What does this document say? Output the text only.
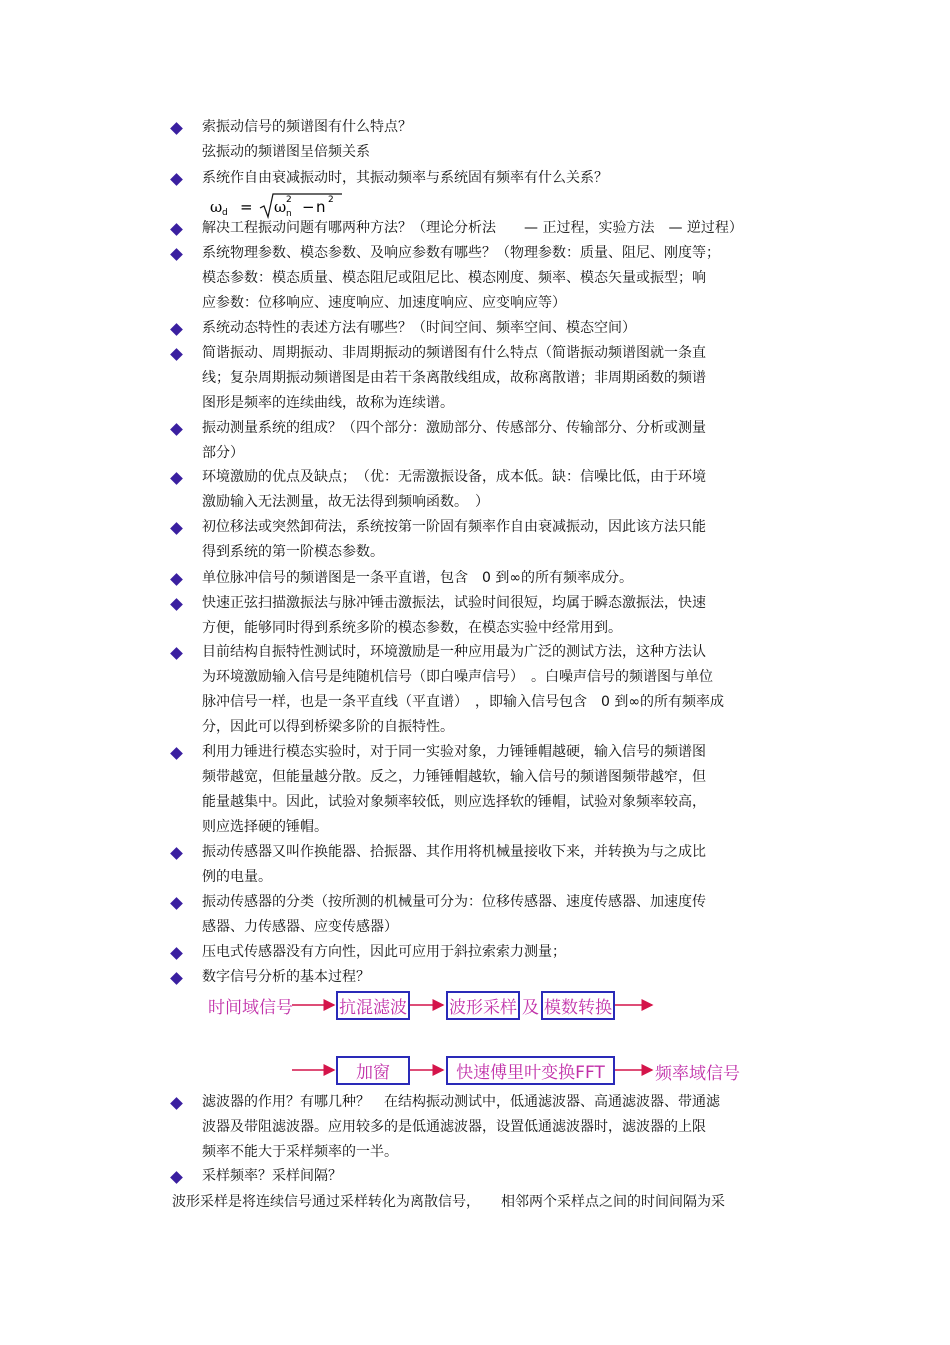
索振动信号的频谱图有什么特点？
弦振动的频谱图呈倍频关系
系统作自由衰减振动时，其振动频率与系统固有频率有什么关系？
ω d = ω n
2 − n 2
解决工程振动问题有哪两种方法？（理论分析法　　— 正过程，实验方法　— 逆过程）
系统物理参数、模态参数、及响应参数有哪些？（物理参数：质量、阻尼、刚度等；
模态参数：模态质量、模态阻尼或阻尼比、模态刚度、频率、模态矢量或振型；响
应参数：位移响应、速度响应、加速度响应、应变响应等）
系统动态特性的表述方法有哪些？（时间空间、频率空间、模态空间）
简谐振动、周期振动、非周期振动的频谱图有什么特点（简谐振动频谱图就一条直
线；复杂周期振动频谱图是由若干条离散线组成，故称离散谱；非周期函数的频谱
图形是频率的连续曲线，故称为连续谱。
振动测量系统的组成？（四个部分：激励部分、传感部分、传输部分、分析或测量
部分）
环境激励的优点及缺点；　（优：无需激振设备，成本低。缺：信噪比低，由于环境
激励输入无法测量，故无法得到频响函数。　）
初位移法或突然卸荷法，系统按第一阶固有频率作自由衰减振动，因此该方法只能
得到系统的第一阶模态参数。
单位脉冲信号的频谱图是一条平直谱，包含　0 到∞的所有频率成分。
快速正弦扫描激振法与脉冲锤击激振法，试验时间很短，均属于瞬态激振法，快速
方便，能够同时得到系统多阶的模态参数，在模态实验中经常用到。
目前结构自振特性测试时，环境激励是一种应用最为广泛的测试方法，这种方法认
为环境激励输入信号是纯随机信号（即白噪声信号）　。白噪声信号的频谱图与单位
脉冲信号一样，也是一条平直线（平直谱）　，即输入信号包含　0 到∞的所有频率成
分，因此可以得到桥梁多阶的自振特性。
利用力锤进行模态实验时，对于同一实验对象，力锤锤帽越硬，输入信号的频谱图
频带越宽，但能量越分散。反之，力锤锤帽越软，输入信号的频谱图频带越窄，但
能量越集中。因此，试验对象频率较低，则应选择软的锤帽，试验对象频率较高，
则应选择硬的锤帽。
振动传感器又叫作换能器、拾振器、其作用将机械量接收下来，并转换为与之成比
例的电量。
振动传感器的分类（按所测的机械量可分为：位移传感器、速度传感器、加速度传
感器、力传感器、应变传感器）
压电式传感器没有方向性，因此可应用于斜拉索索力测量；
数字信号分析的基本过程？
时间域信号	抗混滤波 波形采样 及 模数转换
加窗	快速傅里叶变换FFT	频率域信号
滤波器的作用？有哪几种？　在结构振动测试中，低通滤波器、高通滤波器、带通滤
波器及带阻滤波器。应用较多的是低通滤波器，设置低通滤波器时，滤波器的上限
频率不能大于采样频率的一半。
采样频率？采样间隔？
波形采样是将连续信号通过采样转化为离散信号，　　相邻两个采样点之间的时间间隔为采
